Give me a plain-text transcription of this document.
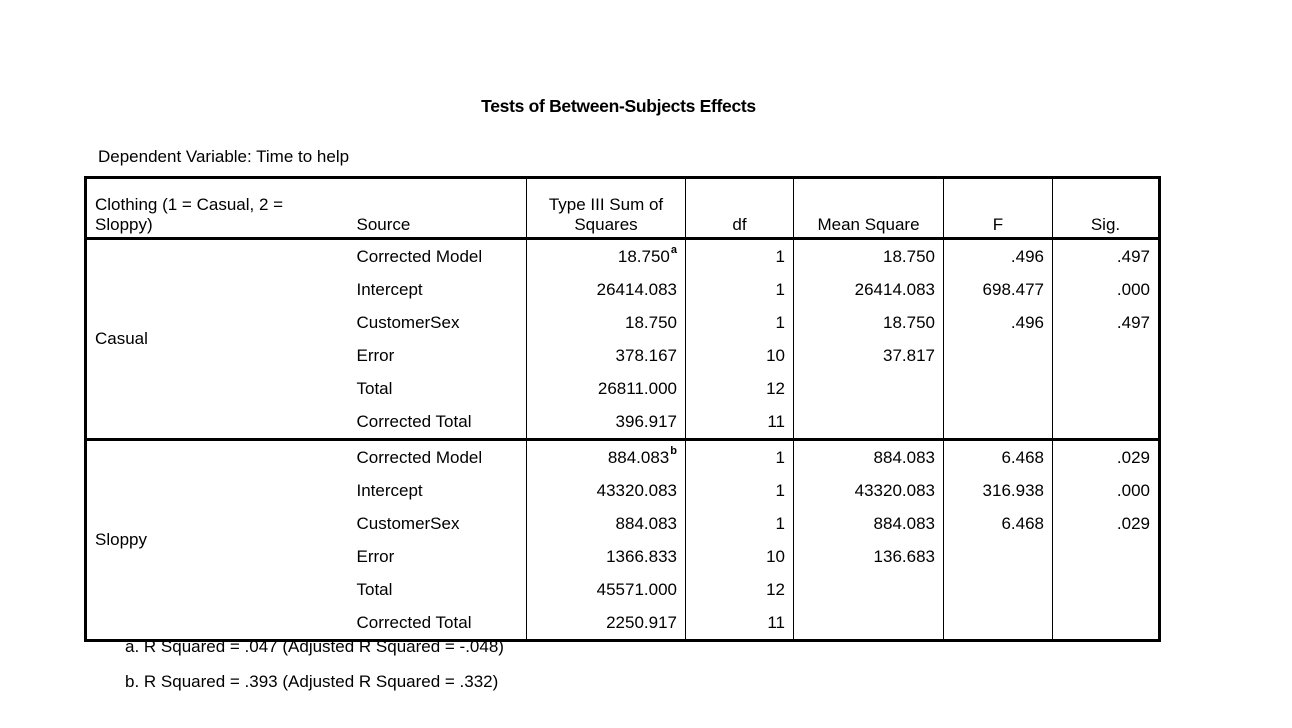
Tests of Between-Subjects Effects
Dependent Variable: Time to help
Clothing (1 = Casual, 2 = Sloppy)	Source	Type III Sum of Squares	df	Mean Square	F	Sig.
Casual	Corrected Model	18.750$^a$	1	18.750	.496	.497
	Intercept	26414.083	1	26414.083	698.477	.000
	CustomerSex	18.750	1	18.750	.496	.497
	Error	378.167	10	37.817		
	Total	26811.000	12			
	Corrected Total	396.917	11			
Sloppy	Corrected Model	884.083$^b$	1	884.083	6.468	.029
	Intercept	43320.083	1	43320.083	316.938	.000
	CustomerSex	884.083	1	884.083	6.468	.029
	Error	1366.833	10	136.683		
	Total	45571.000	12			
	Corrected Total	2250.917	11			
a. R Squared = .047 (Adjusted R Squared = -.048)
b. R Squared = .393 (Adjusted R Squared = .332)
